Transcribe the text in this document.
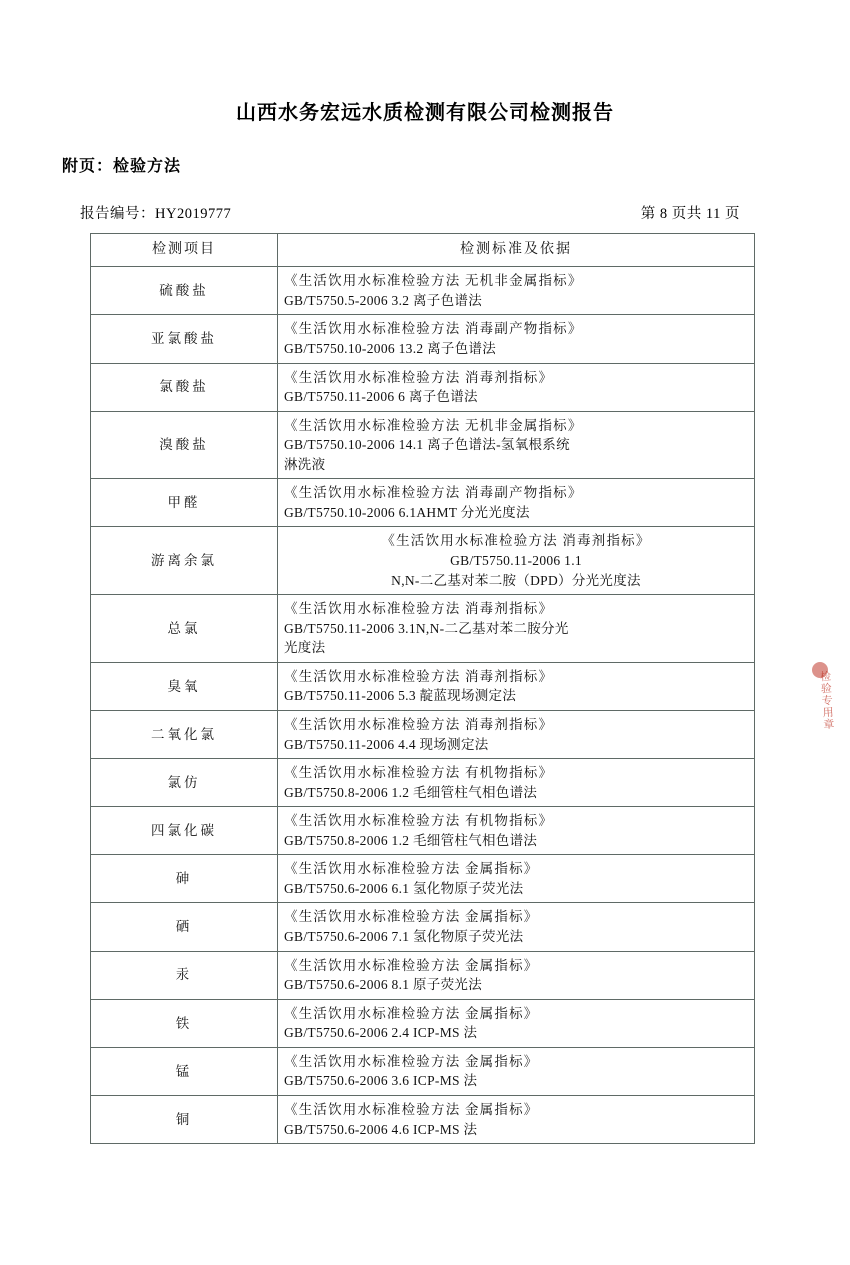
山西水务宏远水质检测有限公司检测报告
附页：检验方法
报告编号：HY2019777	第 8 页共 11 页
检测项目	检测标准及依据
硫酸盐	《生活饮用水标准检验方法 无机非金属指标》
GB/T5750.5-2006 3.2 离子色谱法

亚氯酸盐	《生活饮用水标准检验方法 消毒副产物指标》
GB/T5750.10-2006 13.2 离子色谱法

氯酸盐	《生活饮用水标准检验方法 消毒剂指标》
GB/T5750.11-2006 6 离子色谱法

溴酸盐	《生活饮用水标准检验方法 无机非金属指标》
GB/T5750.10-2006 14.1 离子色谱法-氢氧根系统
淋洗液

甲醛	《生活饮用水标准检验方法 消毒副产物指标》
GB/T5750.10-2006 6.1AHMT 分光光度法

游离余氯	《生活饮用水标准检验方法 消毒剂指标》
GB/T5750.11-2006 1.1
N,N-二乙基对苯二胺（DPD）分光光度法

总氯	《生活饮用水标准检验方法 消毒剂指标》
GB/T5750.11-2006 3.1N,N-二乙基对苯二胺分光
光度法

臭氧	《生活饮用水标准检验方法 消毒剂指标》
GB/T5750.11-2006 5.3 靛蓝现场测定法

二氧化氯	《生活饮用水标准检验方法 消毒剂指标》
GB/T5750.11-2006 4.4 现场测定法

氯仿	《生活饮用水标准检验方法 有机物指标》
GB/T5750.8-2006 1.2 毛细管柱气相色谱法

四氯化碳	《生活饮用水标准检验方法 有机物指标》
GB/T5750.8-2006 1.2 毛细管柱气相色谱法

砷	《生活饮用水标准检验方法 金属指标》
GB/T5750.6-2006 6.1 氢化物原子荧光法

硒	《生活饮用水标准检验方法 金属指标》
GB/T5750.6-2006 7.1 氢化物原子荧光法

汞	《生活饮用水标准检验方法 金属指标》
GB/T5750.6-2006 8.1 原子荧光法

铁	《生活饮用水标准检验方法 金属指标》
GB/T5750.6-2006 2.4 ICP-MS 法

锰	《生活饮用水标准检验方法 金属指标》
GB/T5750.6-2006 3.6 ICP-MS 法

铜	《生活饮用水标准检验方法 金属指标》
GB/T5750.6-2006 4.6 ICP-MS 法
检验专用章
